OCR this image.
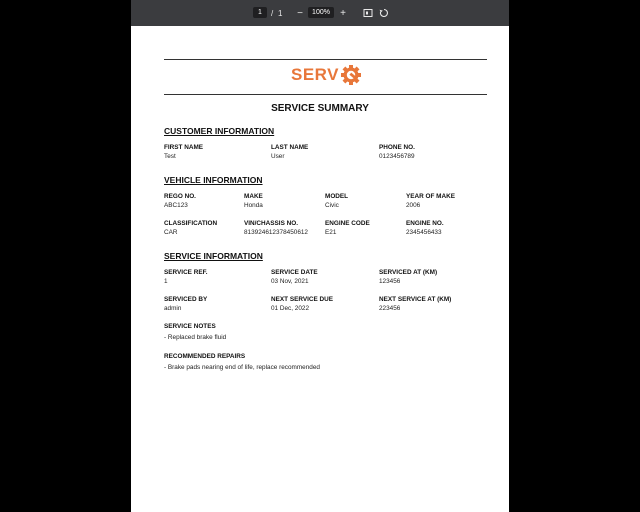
1 / 1	−	100%	+
SERV
SERVICE SUMMARY
CUSTOMER INFORMATION
FIRST NAME
Test
LAST NAME
User
PHONE NO.
0123456789
VEHICLE INFORMATION
REGO NO.
ABC123
MAKE
Honda
MODEL
Civic
YEAR OF MAKE
2006
CLASSIFICATION
CAR
VIN/CHASSIS NO.
813924612378450612
ENGINE CODE
E21
ENGINE NO.
2345456433
SERVICE INFORMATION
SERVICE REF.
1
SERVICE DATE
03 Nov, 2021
SERVICED AT (KM)
123456
SERVICED BY
admin
NEXT SERVICE DUE
01 Dec, 2022
NEXT SERVICE AT (KM)
223456
SERVICE NOTES
- Replaced brake fluid
RECOMMENDED REPAIRS
- Brake pads nearing end of life, replace recommended
